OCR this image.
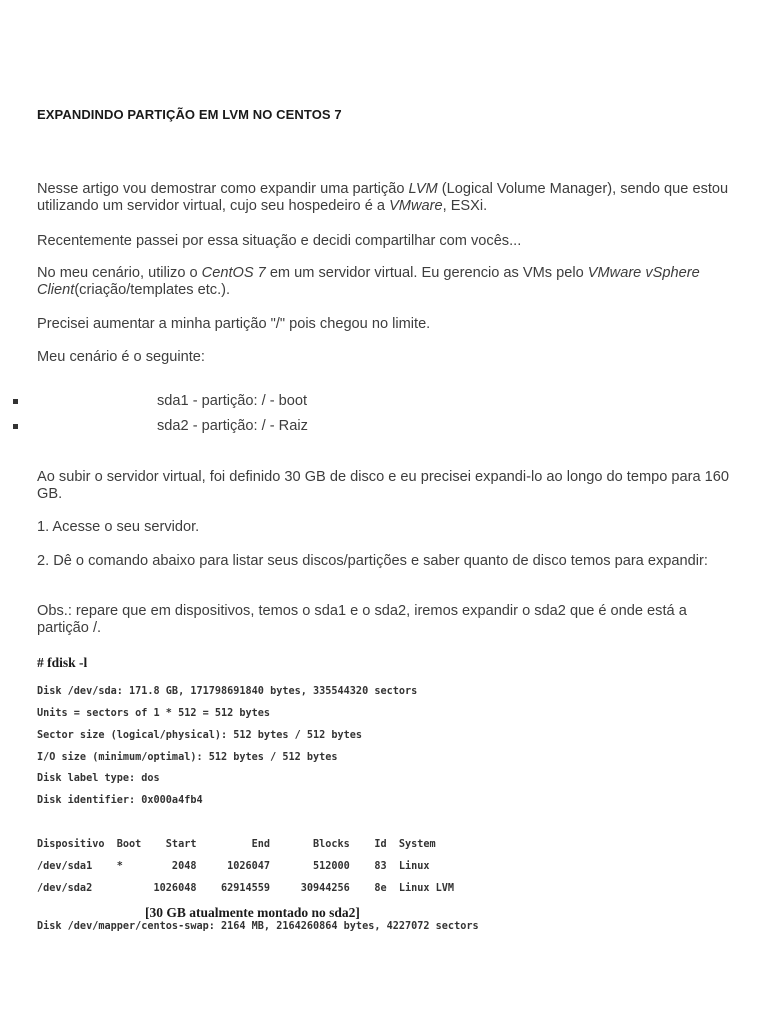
EXPANDINDO PARTIÇÃO EM LVM NO CENTOS 7

Nesse artigo vou demostrar como expandir uma partição LVM (Logical Volume Manager), sendo que estou utilizando um servidor virtual, cujo seu hospedeiro é a VMware, ESXi.

Recentemente passei por essa situação e decidi compartilhar com vocês...

No meu cenário, utilizo o CentOS 7 em um servidor virtual. Eu gerencio as VMs pelo VMware vSphere Client(criação/templates etc.).

Precisei aumentar a minha partição "/" pois chegou no limite.

Meu cenário é o seguinte:

sda1 - partição: / - boot
sda2 - partição: / - Raiz

Ao subir o servidor virtual, foi definido 30 GB de disco e eu precisei expandi-lo ao longo do tempo para 160 GB.

1. Acesse o seu servidor.

2. Dê o comando abaixo para listar seus discos/partições e saber quanto de disco temos para expandir:

Obs.: repare que em dispositivos, temos o sda1 e o sda2, iremos expandir o sda2 que é onde está a partição /.

# fdisk -l
Disk /dev/sda: 171.8 GB, 171798691840 bytes, 335544320 sectors
Units = sectors of 1 * 512 = 512 bytes
Sector size (logical/physical): 512 bytes / 512 bytes
I/O size (minimum/optimal): 512 bytes / 512 bytes
Disk label type: dos
Disk identifier: 0x000a4fb4
Dispositivo  Boot    Start         End       Blocks    Id  System
/dev/sda1    *        2048     1026047       512000    83  Linux
/dev/sda2          1026048    62914559     30944256    8e  Linux LVM
[30 GB atualmente montado no sda2]
Disk /dev/mapper/centos-swap: 2164 MB, 2164260864 bytes, 4227072 sectors
